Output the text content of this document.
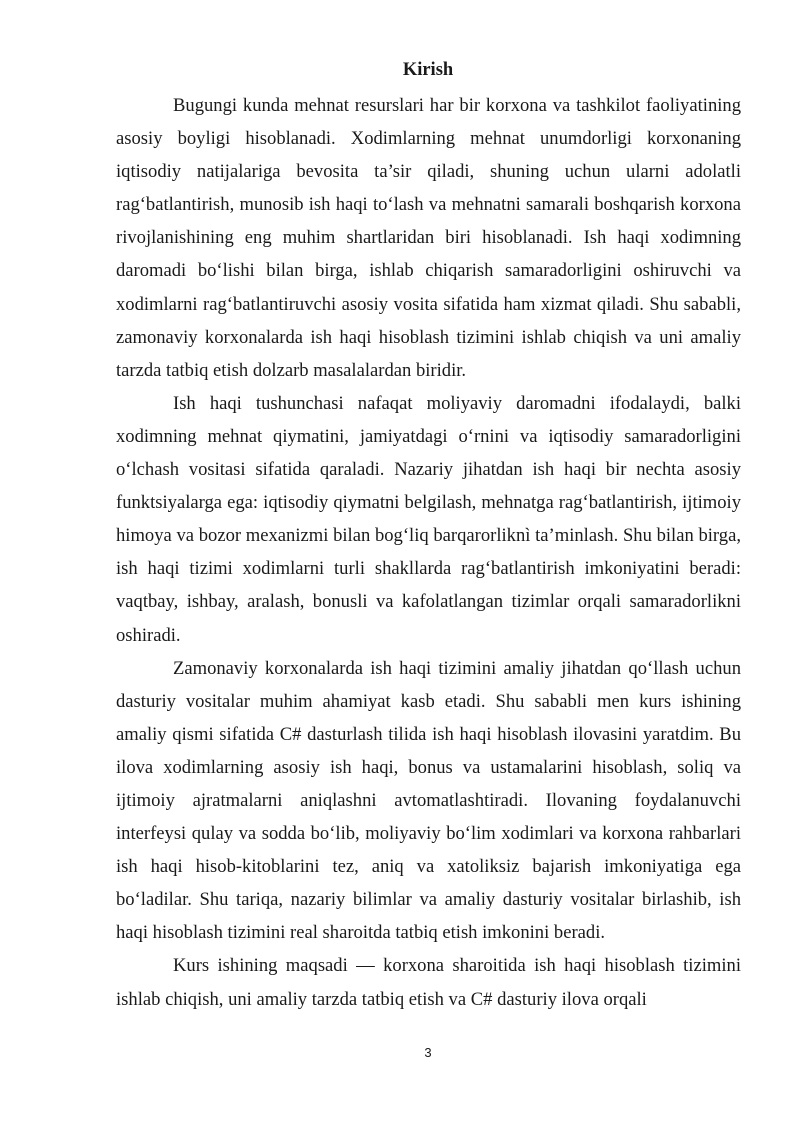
Kirish

Bugungi kunda mehnat resurslari har bir korxona va tashkilot faoliyatining asosiy boyligi hisoblanadi. Xodimlarning mehnat unumdorligi korxonaning iqtisodiy natijalariga bevosita ta’sir qiladi, shuning uchun ularni adolatli rag‘batlantirish, munosib ish haqi to‘lash va mehnatni samarali boshqarish korxona rivojlanishining eng muhim shartlaridan biri hisoblanadi. Ish haqi xodimning daromadi bo‘lishi bilan birga, ishlab chiqarish samaradorligini oshiruvchi va xodimlarni rag‘batlantiruvchi asosiy vosita sifatida ham xizmat qiladi. Shu sababli, zamonaviy korxonalarda ish haqi hisoblash tizimini ishlab chiqish va uni amaliy tarzda tatbiq etish dolzarb masalalardan biridir.

Ish haqi tushunchasi nafaqat moliyaviy daromadni ifodalaydi, balki xodimning mehnat qiymatini, jamiyatdagi o‘rnini va iqtisodiy samaradorligini o‘lchash vositasi sifatida qaraladi. Nazariy jihatdan ish haqi bir nechta asosiy funktsiyalarga ega: iqtisodiy qiymatni belgilash, mehnatga rag‘batlantirish, ijtimoiy himoya va bozor mexanizmi bilan bog‘liq barqarorliknì ta’minlash. Shu bilan birga, ish haqi tizimi xodimlarni turli shakllarda rag‘batlantirish imkoniyatini beradi: vaqtbay, ishbay, aralash, bonusli va kafolatlangan tizimlar orqali samaradorlikni oshiradi.

Zamonaviy korxonalarda ish haqi tizimini amaliy jihatdan qo‘llash uchun dasturiy vositalar muhim ahamiyat kasb etadi. Shu sababli men kurs ishining amaliy qismi sifatida C# dasturlash tilida ish haqi hisoblash ilovasini yaratdim. Bu ilova xodimlarning asosiy ish haqi, bonus va ustamalarini hisoblash, soliq va ijtimoiy ajratmalarni aniqlashni avtomatlashtiradi. Ilovaning foydalanuvchi interfeysi qulay va sodda bo‘lib, moliyaviy bo‘lim xodimlari va korxona rahbarlari ish haqi hisob-kitoblarini tez, aniq va xatoliksiz bajarish imkoniyatiga ega bo‘ladilar. Shu tariqa, nazariy bilimlar va amaliy dasturiy vositalar birlashib, ish haqi hisoblash tizimini real sharoitda tatbiq etish imkonini beradi.

Kurs ishining maqsadi — korxona sharoitida ish haqi hisoblash tizimini ishlab chiqish, uni amaliy tarzda tatbiq etish va C# dasturiy ilova orqali

3
